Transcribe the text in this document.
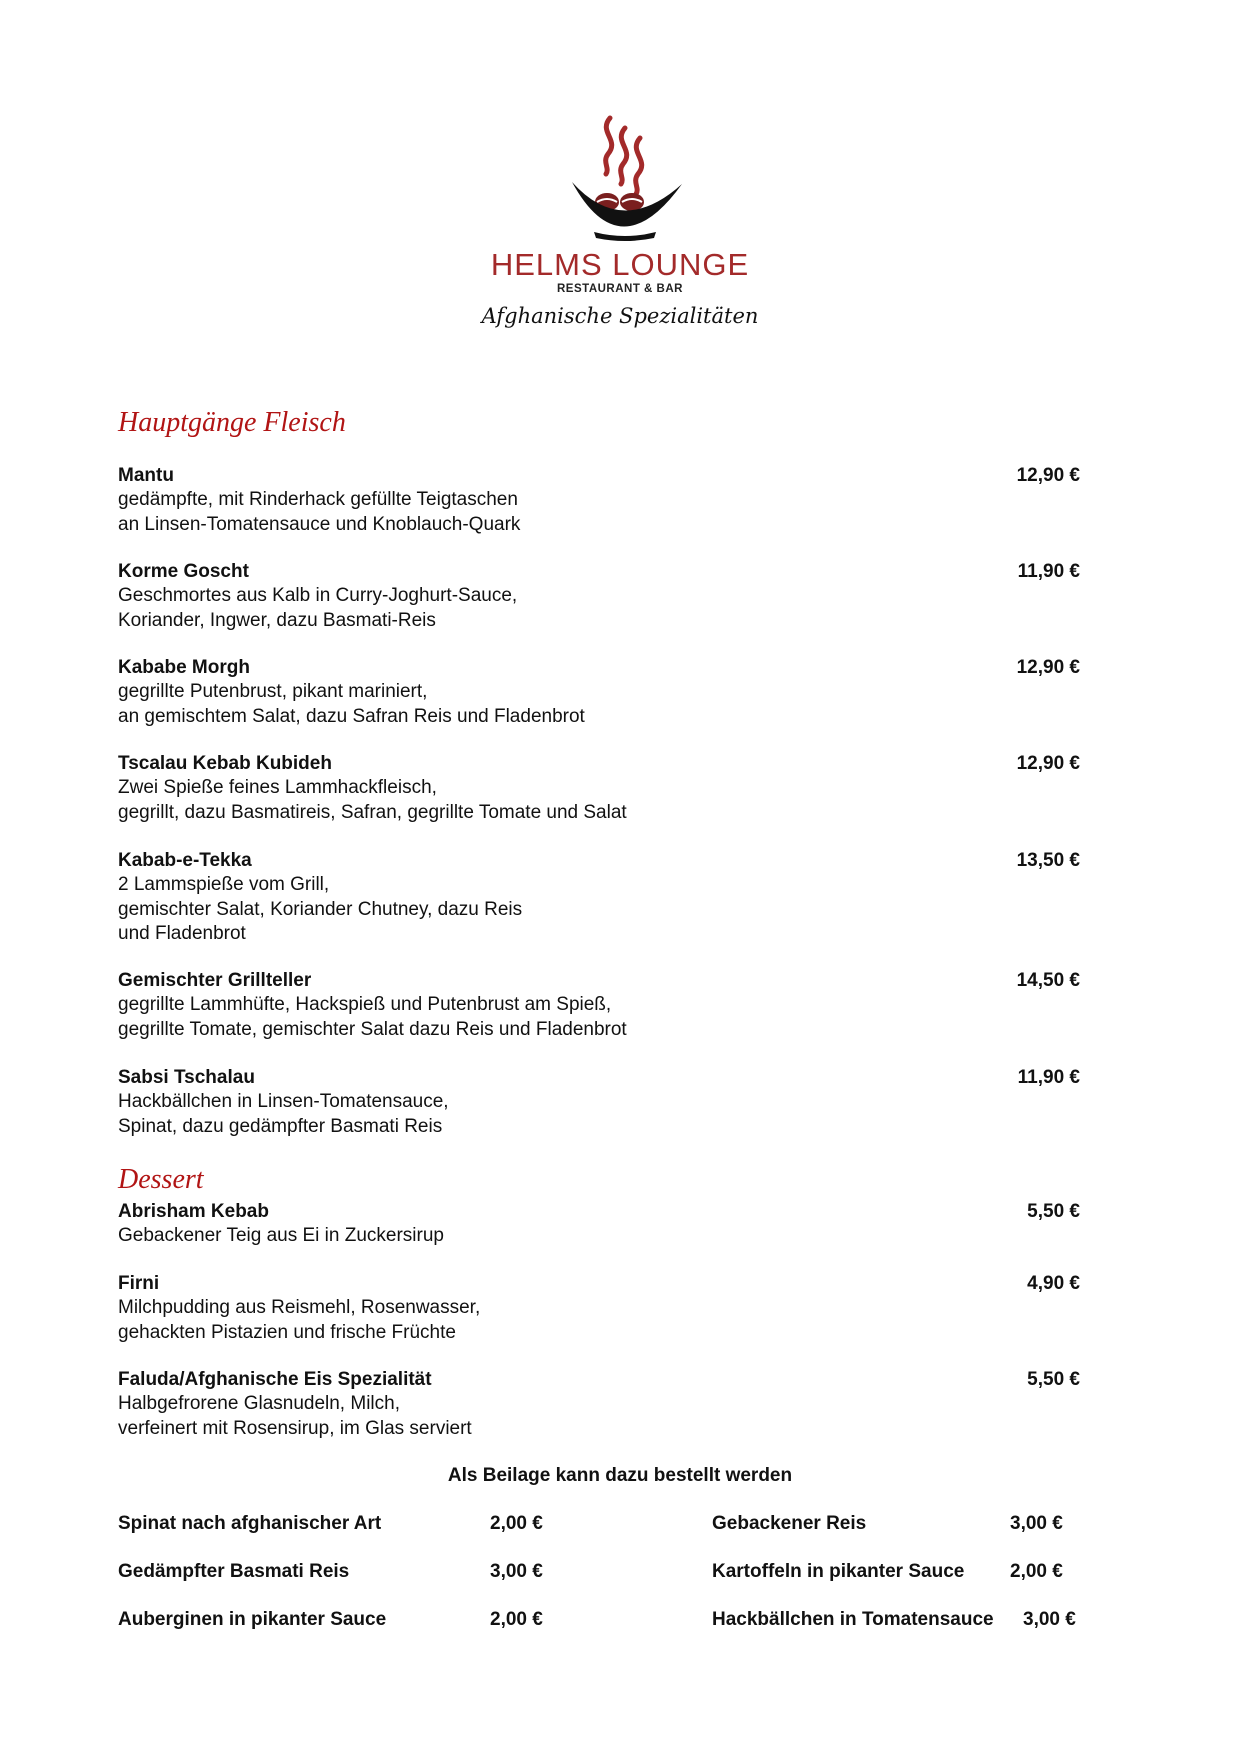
HELMS LOUNGE
RESTAURANT & BAR
Afghanische Spezialitäten
Hauptgänge Fleisch
Mantu
gedämpfte, mit Rinderhack gefüllte Teigtaschen
an Linsen-Tomatensauce und Knoblauch-Quark
12,90 €
Korme Goscht
Geschmortes aus Kalb in Curry-Joghurt-Sauce,
Koriander, Ingwer, dazu Basmati-Reis
11,90 €
Kababe Morgh
gegrillte Putenbrust, pikant mariniert,
an gemischtem Salat, dazu Safran Reis und Fladenbrot
12,90 €
Tscalau Kebab Kubideh
Zwei Spieße feines Lammhackfleisch,
gegrillt, dazu Basmatireis, Safran, gegrillte Tomate und Salat
12,90 €
Kabab-e-Tekka
2 Lammspieße vom Grill,
gemischter Salat, Koriander Chutney, dazu Reis
und Fladenbrot
13,50 €
Gemischter Grillteller
gegrillte Lammhüfte, Hackspieß und Putenbrust am Spieß,
gegrillte Tomate, gemischter Salat dazu Reis und Fladenbrot
14,50 €
Sabsi Tschalau
Hackbällchen in Linsen-Tomatensauce,
Spinat, dazu gedämpfter Basmati Reis
11,90 €
Dessert
Abrisham Kebab
Gebackener Teig aus Ei in Zuckersirup
5,50 €
Firni
Milchpudding aus Reismehl, Rosenwasser,
gehackten Pistazien und frische Früchte
4,90 €
Faluda/Afghanische Eis Spezialität
Halbgefrorene Glasnudeln, Milch,
verfeinert mit Rosensirup, im Glas serviert
5,50 €
Als Beilage kann dazu bestellt werden
Spinat nach afghanischer Art	2,00 €	Gebackener Reis	3,00 €
Gedämpfter Basmati Reis	3,00 €	Kartoffeln in pikanter Sauce 2,00 €
Auberginen in pikanter Sauce	2,00 €	Hackbällchen in Tomatensauce 3,00 €
